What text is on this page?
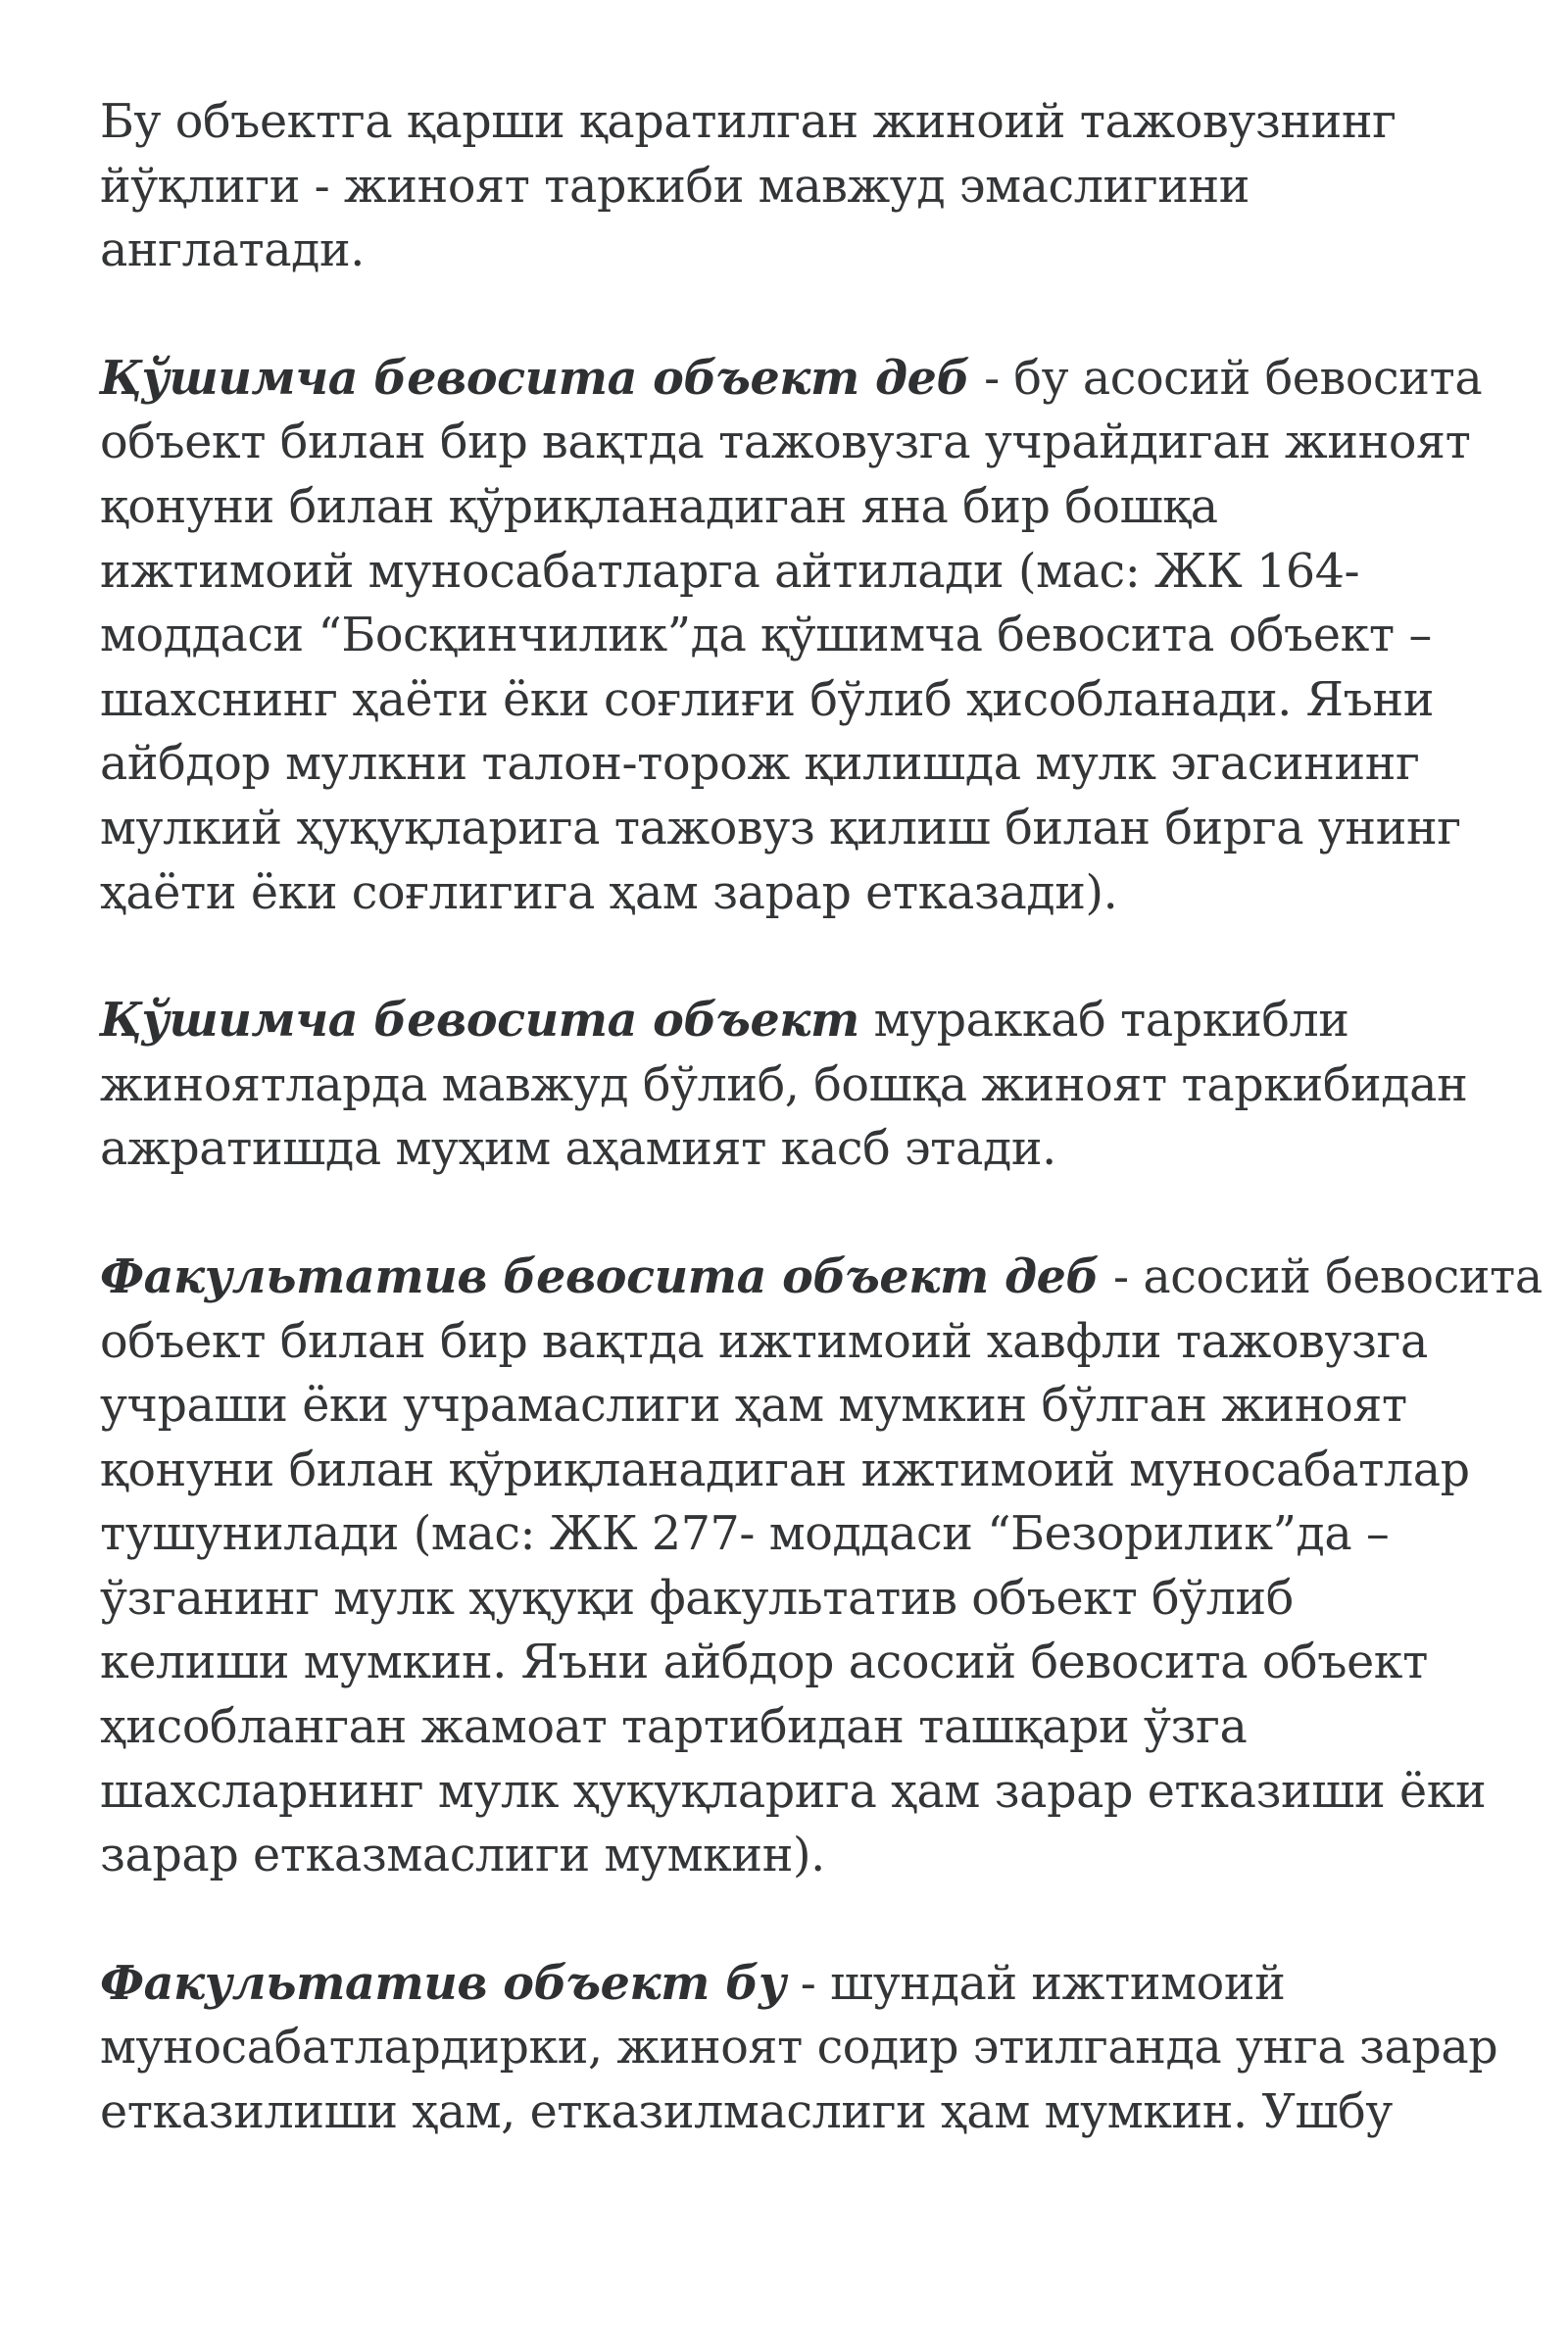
Бу объектга қарши қаратилган жиноий тажовузнинг
йўқлиги - жиноят таркиби мавжуд эмаслигини
англатади.

Қўшимча бевосита объект деб - бу асосий бевосита
объект билан бир вақтда тажовузга учрайдиган жиноят
қонуни билан қўриқланадиган яна бир бошқа
ижтимоий муносабатларга айтилади (мас: ЖК 164-
моддаси “Босқинчилик”да қўшимча бевосита объект –
шахснинг ҳаёти ёки соғлиғи бўлиб ҳисобланади. Яъни
айбдор мулкни талон-торож қилишда мулк эгасининг
мулкий ҳуқуқларига тажовуз қилиш билан бирга унинг
ҳаёти ёки соғлигига ҳам зарар етказади).

Қўшимча бевосита объект мураккаб таркибли
жиноятларда мавжуд бўлиб, бошқа жиноят таркибидан
ажратишда муҳим аҳамият касб этади.

Факультатив бевосита объект деб - асосий бевосита
объект билан бир вақтда ижтимоий хавфли тажовузга
учраши ёки учрамаслиги ҳам мумкин бўлган жиноят
қонуни билан қўриқланадиган ижтимоий муносабатлар
тушунилади (мас: ЖК 277- моддаси “Безорилик”да –
ўзганинг мулк ҳуқуқи факультатив объект бўлиб
келиши мумкин. Яъни айбдор асосий бевосита объект
ҳисобланган жамоат тартибидан ташқари ўзга
шахсларнинг мулк ҳуқуқларига ҳам зарар етказиши ёки
зарар етказмаслиги мумкин).

Факультатив объект бу - шундай ижтимоий
муносабатлардирки, жиноят содир этилганда унга зарар
етказилиши ҳам, етказилмаслиги ҳам мумкин. Ушбу
